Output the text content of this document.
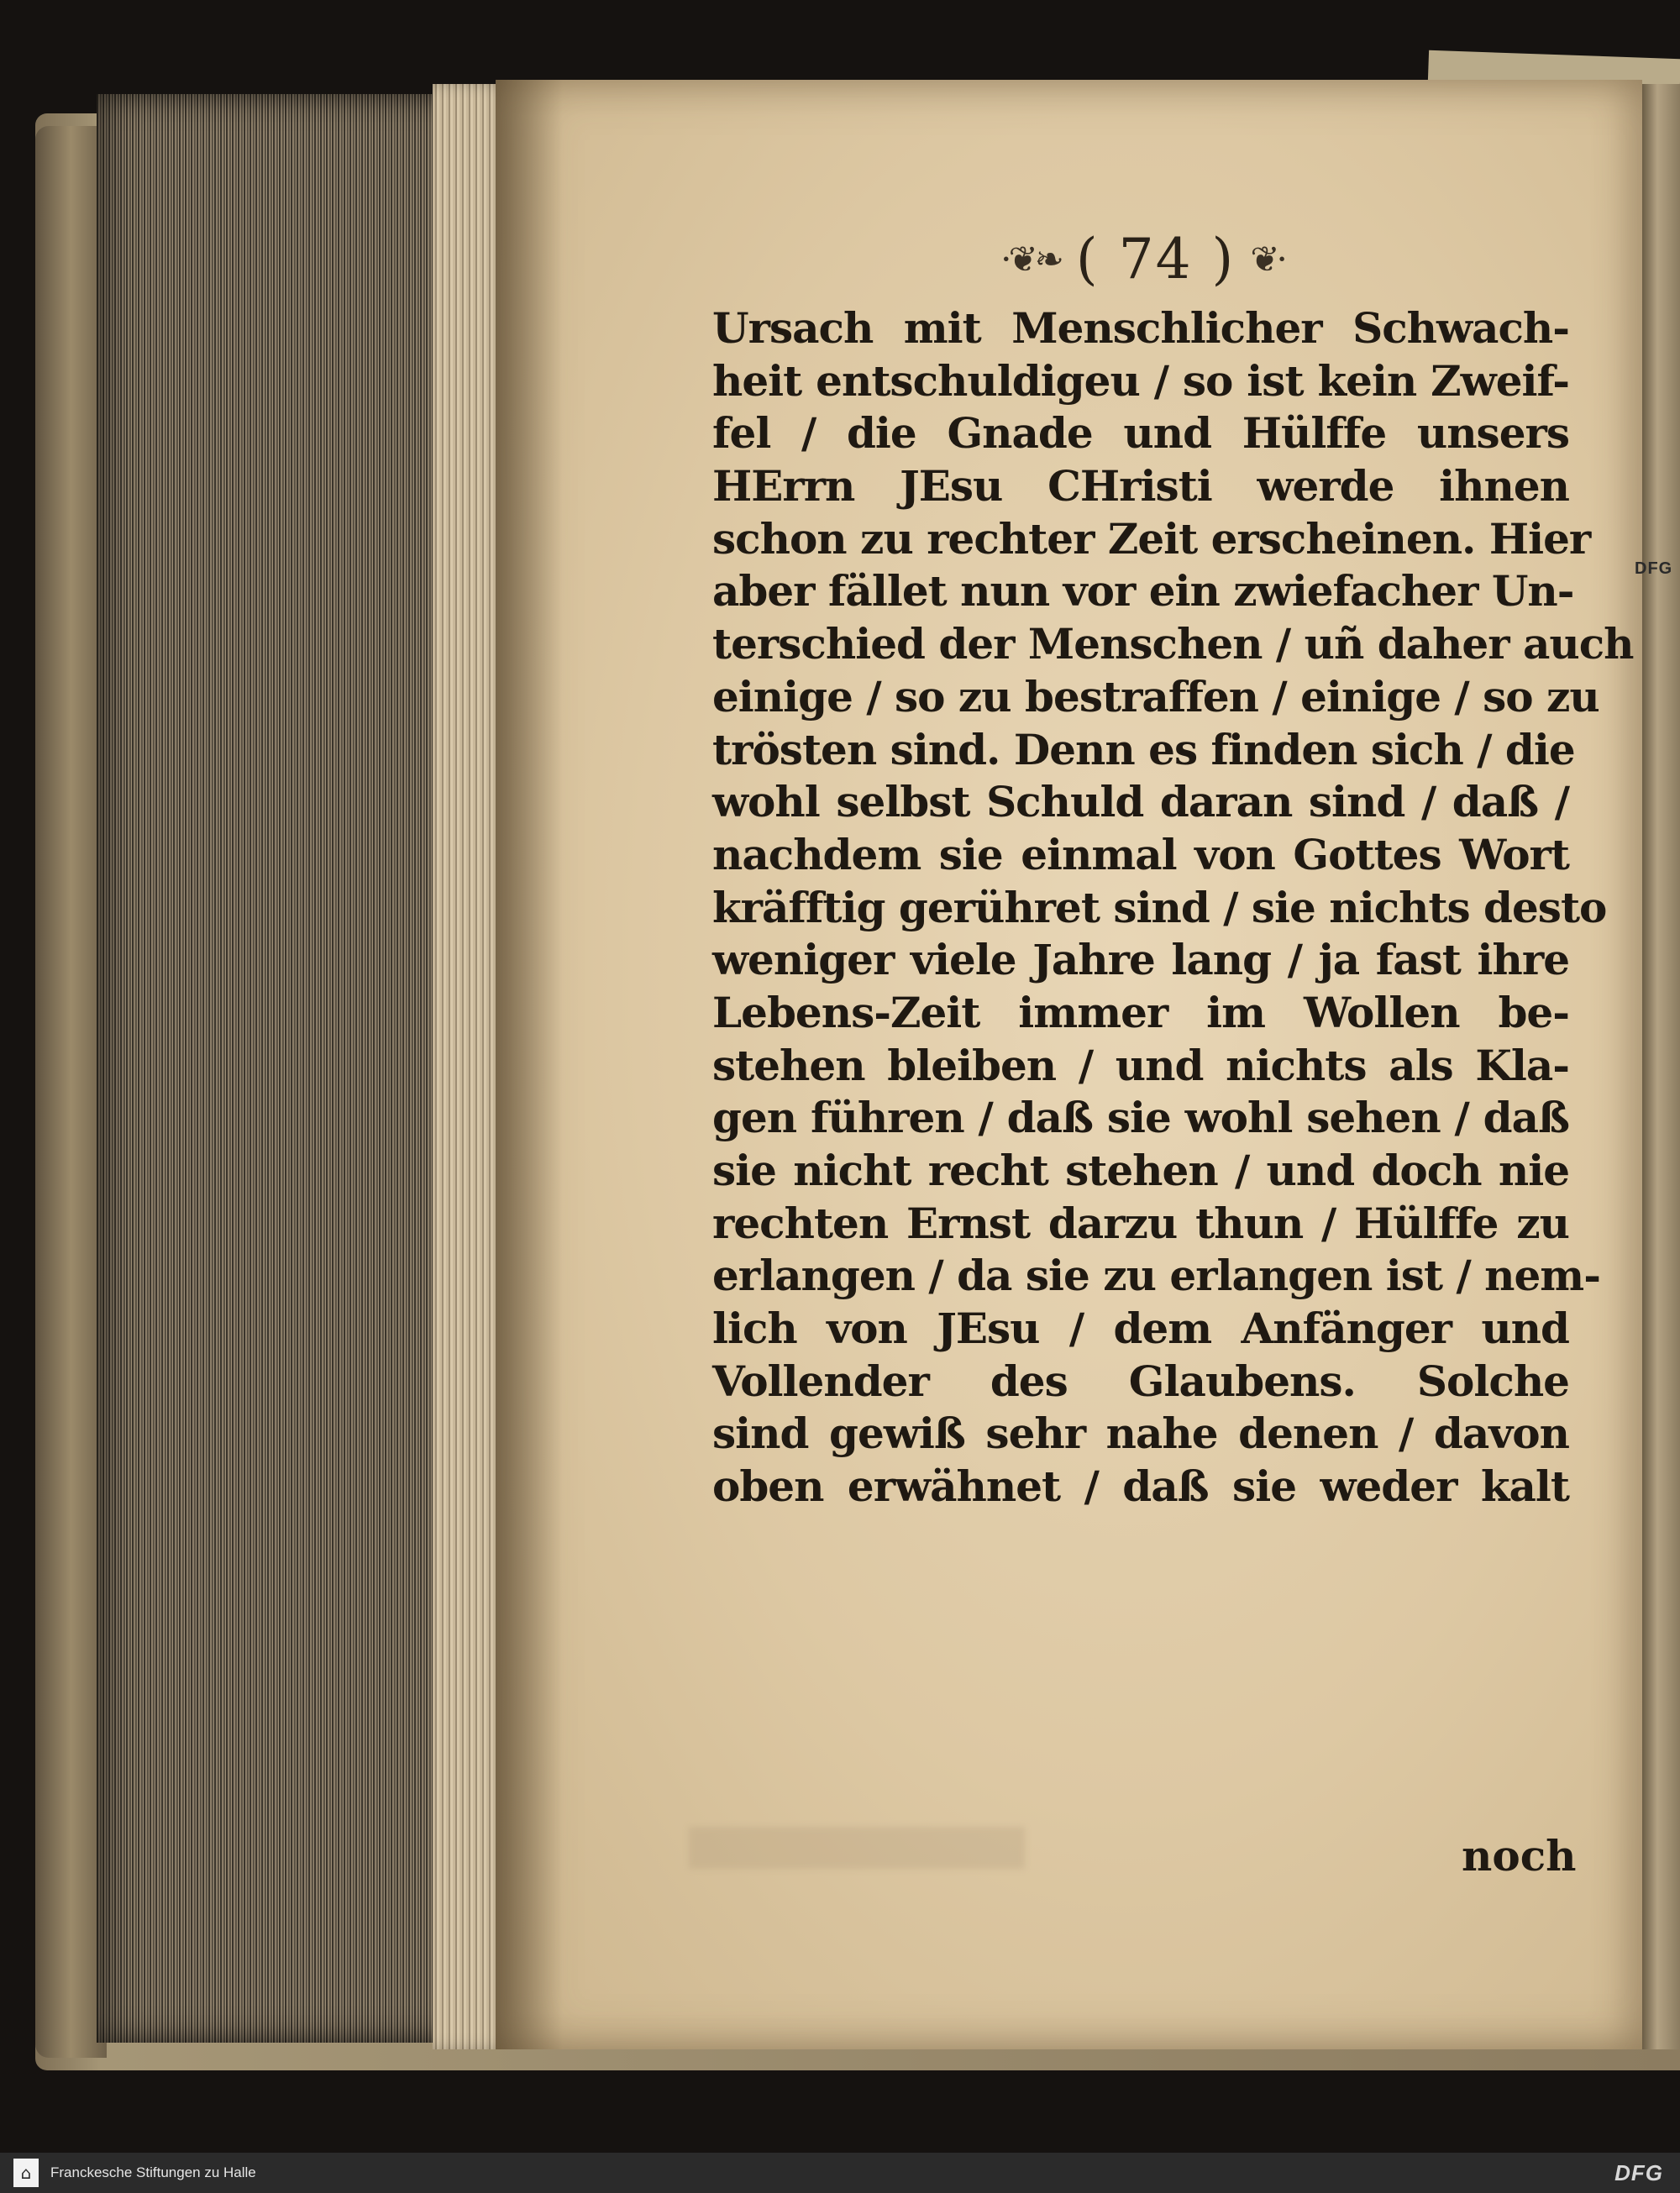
·❦❧ ( 74 ) ❦·
Ursach mit Menschlicher Schwach-
heit entschuldigeu / so ist kein Zweif-
fel / die Gnade und Hülffe unsers
HErrn JEsu CHristi werde ihnen
schon zu rechter Zeit erscheinen. Hier
aber fället nun vor ein zwiefacher Un-
terschied der Menschen / uñ daher auch
einige / so zu bestraffen / einige / so zu
trösten sind. Denn es finden sich / die
wohl selbst Schuld daran sind / daß /
nachdem sie einmal von Gottes Wort
kräfftig gerühret sind / sie nichts desto
weniger viele Jahre lang / ja fast ihre
Lebens-Zeit immer im Wollen be-
stehen bleiben / und nichts als Kla-
gen führen / daß sie wohl sehen / daß
sie nicht recht stehen / und doch nie
rechten Ernst darzu thun / Hülffe zu
erlangen / da sie zu erlangen ist / nem-
lich von JEsu / dem Anfänger und
Vollender des Glaubens. Solche
sind gewiß sehr nahe denen / davon
oben erwähnet / daß sie weder kalt
noch
DFG
⌂	Franckesche Stiftungen zu Halle	DFG
